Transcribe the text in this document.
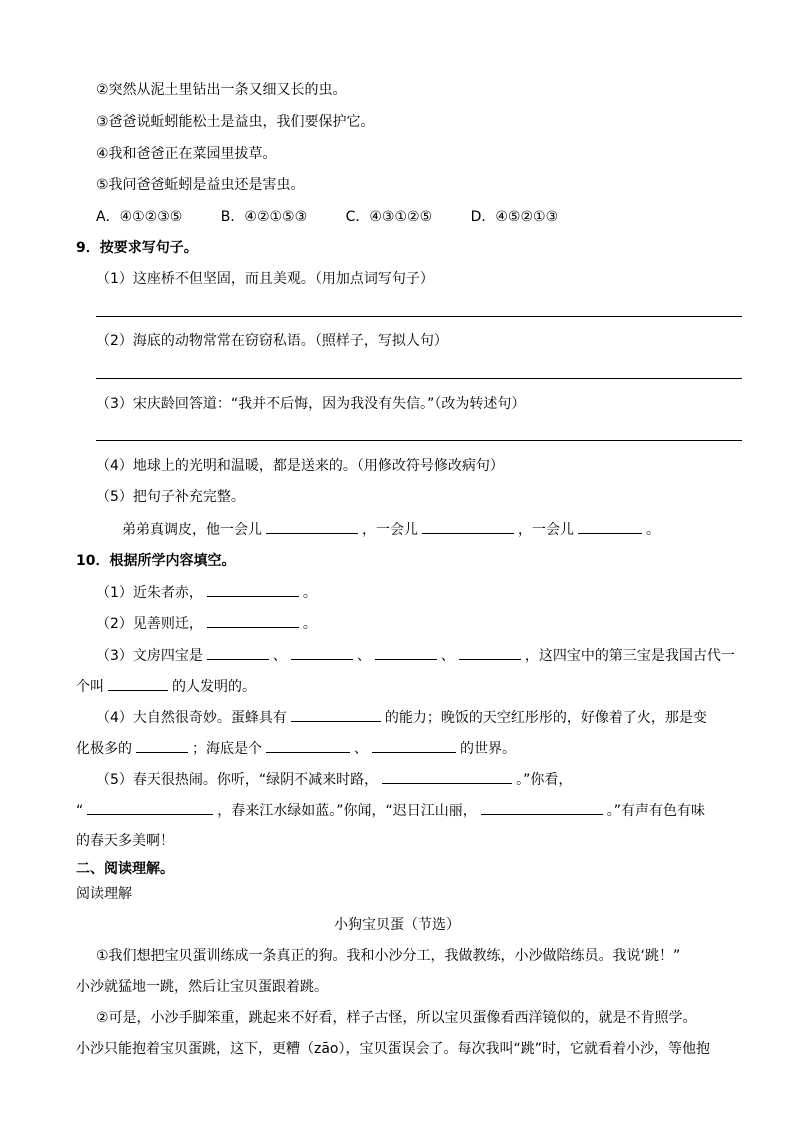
②突然从泥土里钻出一条又细又长的虫。
③爸爸说蚯蚓能松土是益虫，我们要保护它。
④我和爸爸正在菜园里拔草。
⑤我问爸爸蚯蚓是益虫还是害虫。
A．④①②③⑤	B．④②①⑤③	C．④③①②⑤	D．④⑤②①③
9．按要求写句子。
（1）这座桥不但坚固，而且美观。（用加点词写句子）
（2）海底的动物常常在窃窃私语。（照样子，写拟人句）
（3）宋庆龄回答道：“我并不后悔，因为我没有失信。”（改为转述句）
（4）地球上的光明和温暖，都是送来的。（用修改符号修改病句）
（5）把句子补充完整。
弟弟真调皮，他一会儿	，一会儿	，一会儿	。
10．根据所学内容填空。
（1）近朱者赤，	。
（2）见善则迁，	。
（3）文房四宝是	、	、	、	，这四宝中的第三宝是我国古代一
个叫	的人发明的。
（4）大自然很奇妙。蛋蜂具有	的能力；晚饭的天空红彤彤的，好像着了火，那是变
化极多的	；海底是个	、	的世界。
（5）春天很热闹。你听，“绿阴不减来时路，	。”你看，
“	，春来江水绿如蓝。”你闻，“迟日江山丽，	。”有声有色有味
的春天多美啊！
二、阅读理解。
阅读理解
小狗宝贝蛋（节选）
①我们想把宝贝蛋训练成一条真正的狗。我和小沙分工，我做教练，小沙做陪练员。我说‘跳！”
小沙就猛地一跳，然后让宝贝蛋跟着跳。
②可是，小沙手脚笨重，跳起来不好看，样子古怪，所以宝贝蛋像看西洋镜似的，就是不肯照学。
小沙只能抱着宝贝蛋跳，这下，更糟（zāo），宝贝蛋误会了。每次我叫“跳”时，它就看着小沙，等他抱
